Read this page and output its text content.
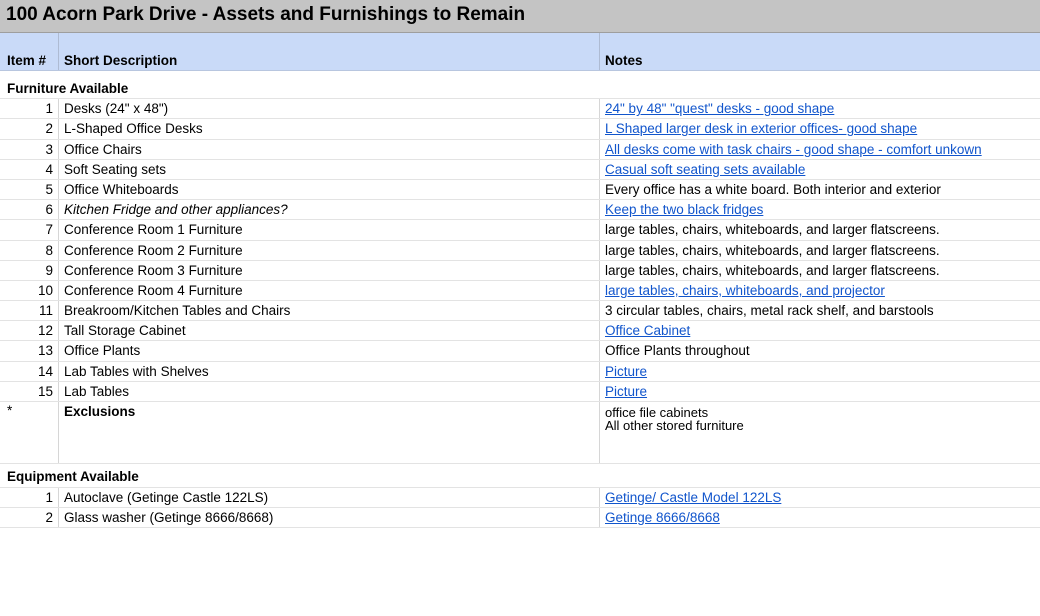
100 Acorn Park Drive - Assets and Furnishings to Remain
Item # Short Description	Notes
Furniture Available
1 Desks (24" x 48")	24" by 48" "quest" desks - good shape
2 L-Shaped Office Desks	L Shaped larger desk in exterior offices- good shape
3 Office Chairs	All desks come with task chairs - good shape - comfort unkown
4 Soft Seating sets	Casual soft seating sets available
5 Office Whiteboards	Every office has a white board. Both interior and exterior
6 Kitchen Fridge and other appliances?	Keep the two black fridges
7 Conference Room 1 Furniture	large tables, chairs, whiteboards, and larger flatscreens.
8 Conference Room 2 Furniture	large tables, chairs, whiteboards, and larger flatscreens.
9 Conference Room 3 Furniture	large tables, chairs, whiteboards, and larger flatscreens.
10 Conference Room 4 Furniture	large tables, chairs, whiteboards, and projector
11 Breakroom/Kitchen Tables and Chairs	3 circular tables, chairs, metal rack shelf, and barstools
12 Tall Storage Cabinet	Office Cabinet
13 Office Plants	Office Plants throughout
14 Lab Tables with Shelves	Picture
15 Lab Tables	Picture
*	Exclusions	office file cabinets
All other stored furniture
Equipment Available
1 Autoclave (Getinge Castle 122LS)	Getinge/ Castle Model 122LS
2 Glass washer (Getinge 8666/8668)	Getinge 8666/8668
